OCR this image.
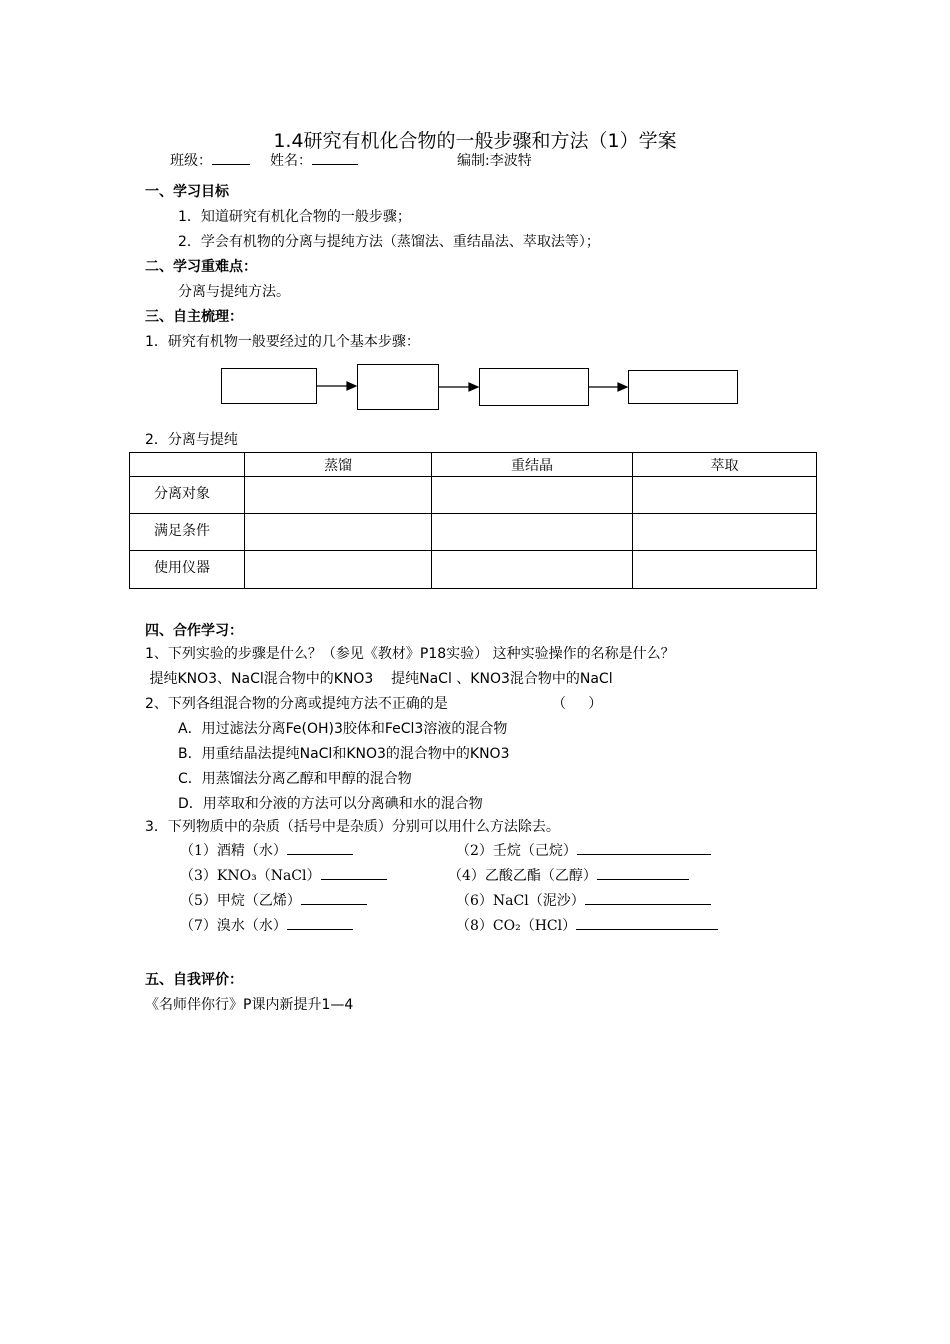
1.4研究有机化合物的一般步骤和方法（1）学案
班级：	姓名：	编制:李波特
一、学习目标
1．知道研究有机化合物的一般步骤；
2．学会有机物的分离与提纯方法（蒸馏法、重结晶法、萃取法等）；
二、学习重难点：
分离与提纯方法。
三、自主梳理：
1．研究有机物一般要经过的几个基本步骤：
2．分离与提纯
	蒸馏	重结晶	萃取
分离对象			
满足条件			
使用仪器			
四、合作学习：
1、下列实验的步骤是什么？（参见《教材》P18实验） 这种实验操作的名称是什么？
提纯KNO3、NaCl混合物中的KNO3    提纯NaCl 、KNO3混合物中的NaCl
2、下列各组混合物的分离或提纯方法不正确的是	（     ）
A．用过滤法分离Fe(OH)3胶体和FeCl3溶液的混合物
B．用重结晶法提纯NaCl和KNO3的混合物中的KNO3
C．用蒸馏法分离乙醇和甲醇的混合物
D．用萃取和分液的方法可以分离碘和水的混合物
3．下列物质中的杂质（括号中是杂质）分别可以用什么方法除去。
（1）酒精（水）	（2）壬烷（己烷）
（3）KNO₃（NaCl）	（4）乙酸乙酯（乙醇）
（5）甲烷（乙烯）	（6）NaCl（泥沙）
（7）溴水（水）	（8）CO₂（HCl）
五、自我评价：
《名师伴你行》P课内新提升1—4
